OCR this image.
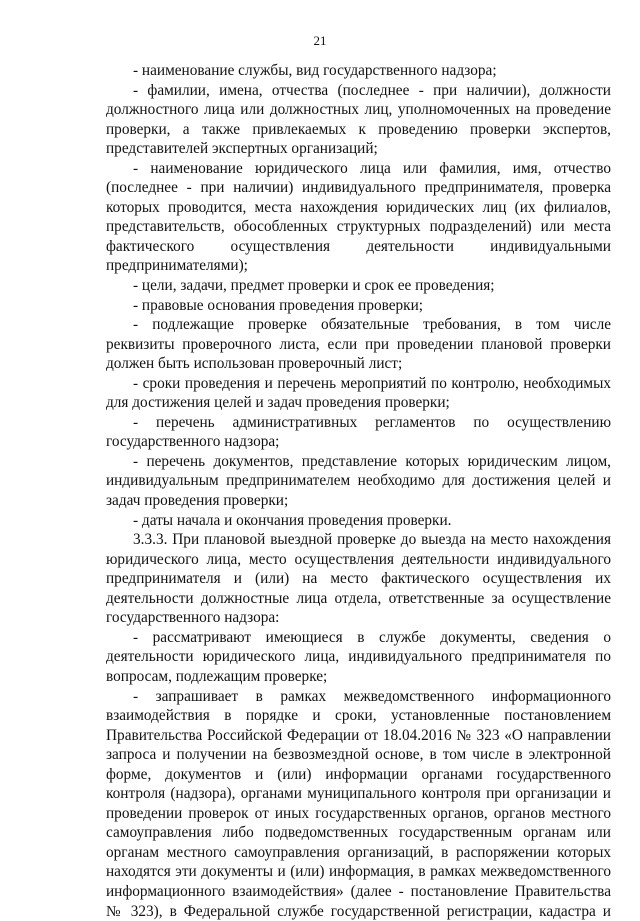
21

- наименование службы, вид государственного надзора;

- фамилии, имена, отчества (последнее - при наличии), должности должностного лица или должностных лиц, уполномоченных на проведение проверки, а также привлекаемых к проведению проверки экспертов, представителей экспертных организаций;

- наименование юридического лица или фамилия, имя, отчество (последнее - при наличии) индивидуального предпринимателя, проверка которых проводится, места нахождения юридических лиц (их филиалов, представительств, обособленных структурных подразделений) или места фактического осуществления деятельности индивидуальными предпринимателями);

- цели, задачи, предмет проверки и срок ее проведения;

- правовые основания проведения проверки;

- подлежащие проверке обязательные требования, в том числе реквизиты проверочного листа, если при проведении плановой проверки должен быть использован проверочный лист;

- сроки проведения и перечень мероприятий по контролю, необходимых для достижения целей и задач проведения проверки;

- перечень административных регламентов по осуществлению государственного надзора;

- перечень документов, представление которых юридическим лицом, индивидуальным предпринимателем необходимо для достижения целей и задач проведения проверки;

- даты начала и окончания проведения проверки.

3.3.3. При плановой выездной проверке до выезда на место нахождения юридического лица, место осуществления деятельности индивидуального предпринимателя и (или) на место фактического осуществления их деятельности должностные лица отдела, ответственные за осуществление государственного надзора:

- рассматривают имеющиеся в службе документы, сведения о деятельности юридического лица, индивидуального предпринимателя по вопросам, подлежащим проверке;

- запрашивает в рамках межведомственного информационного взаимодействия в порядке и сроки, установленные постановлением Правительства Российской Федерации от 18.04.2016 № 323 «О направлении запроса и получении на безвозмездной основе, в том числе в электронной форме, документов и (или) информации органами государственного контроля (надзора), органами муниципального контроля при организации и проведении проверок от иных государственных органов, органов местного самоуправления либо подведомственных государственным органам или органам местного самоуправления организаций, в распоряжении которых находятся эти документы и (или) информация, в рамках межведомственного информационного взаимодействия» (далее - постановление Правительства № 323), в Федеральной службе государственной регистрации, кадастра и
